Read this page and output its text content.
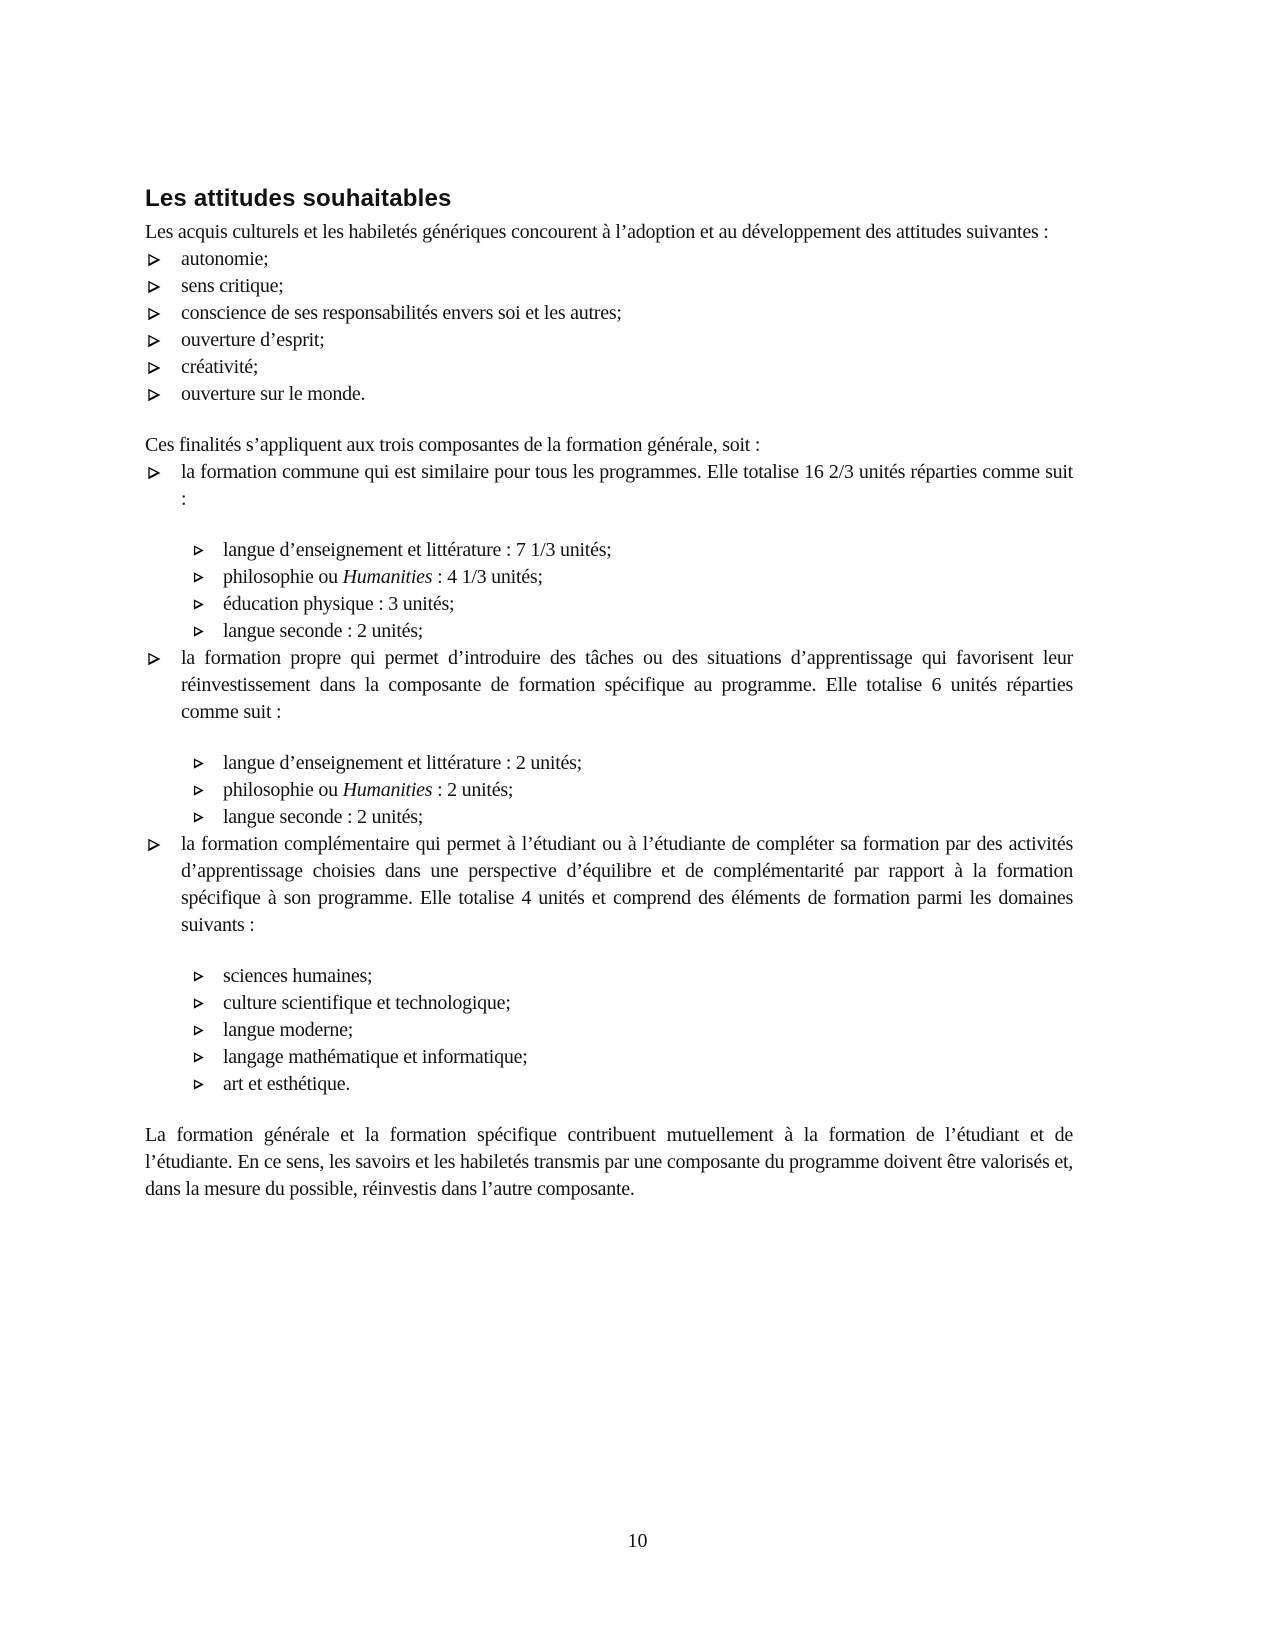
Les attitudes souhaitables

Les acquis culturels et les habiletés génériques concourent à l’adoption et au développement des attitudes suivantes :

autonomie;
sens critique;
conscience de ses responsabilités envers soi et les autres;
ouverture d’esprit;
créativité;
ouverture sur le monde.

Ces finalités s’appliquent aux trois composantes de la formation générale, soit :

la formation commune qui est similaire pour tous les programmes. Elle totalise 16 2/3 unités réparties comme suit :
langue d’enseignement et littérature : 7 1/3 unités;
philosophie ou Humanities : 4 1/3 unités;
éducation physique : 3 unités;
langue seconde : 2 unités;
la formation propre qui permet d’introduire des tâches ou des situations d’apprentissage qui favorisent leur réinvestissement dans la composante de formation spécifique au programme. Elle totalise 6 unités réparties comme suit :
langue d’enseignement et littérature : 2 unités;
philosophie ou Humanities : 2 unités;
langue seconde : 2 unités;
la formation complémentaire qui permet à l’étudiant ou à l’étudiante de compléter sa formation par des activités d’apprentissage choisies dans une perspective d’équilibre et de complémentarité par rapport à la formation spécifique à son programme. Elle totalise 4 unités et comprend des éléments de formation parmi les domaines suivants :
sciences humaines;
culture scientifique et technologique;
langue moderne;
langage mathématique et informatique;
art et esthétique.

La formation générale et la formation spécifique contribuent mutuellement à la formation de l’étudiant et de l’étudiante. En ce sens, les savoirs et les habiletés transmis par une composante du programme doivent être valorisés et, dans la mesure du possible, réinvestis dans l’autre composante.

10
